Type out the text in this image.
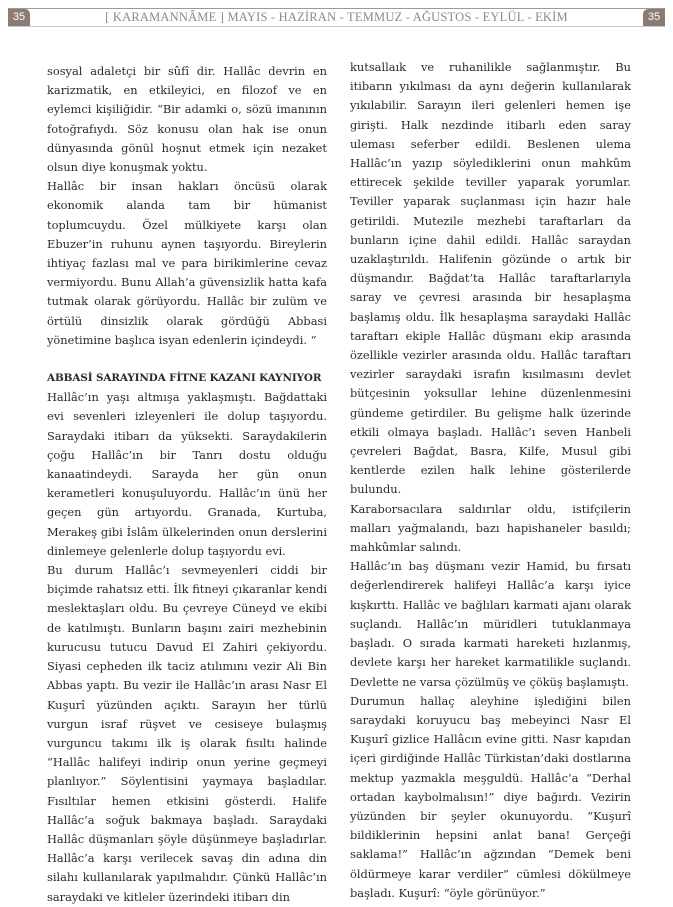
35	[ KARAMANNÂME ] MAYIS - HAZİRAN - TEMMUZ - AĞUSTOS - EYLÜL - EKİM	35

sosyal adaletçi bir sûfî dir. Hallâc devrin en karizmatik, en etkileyici, en filozof ve en eylemci kişiliğidir. “Bir adamki o, sözü imanının fotoğrafıydı. Söz konusu olan hak ise onun dünyasında gönül hoşnut etmek için nezaket olsun diye konuşmak yoktu.

Hallâc bir insan hakları öncüsü olarak ekonomik alanda tam bir hümanist toplumcuydu. Özel mülkiyete karşı olan Ebuzer’in ruhunu aynen taşıyordu. Bireylerin ihtiyaç fazlası mal ve para birikimlerine cevaz vermiyordu. Bunu Allah’a güvensizlik hatta kafa tutmak olarak görüyordu. Hallâc bir zulüm ve örtülü dinsizlik olarak gördüğü Abbasi yönetimine başlıca isyan edenlerin içindeydi. “

ABBASİ SARAYINDA FİTNE KAZANI KAYNIYOR

Hallâc’ın yaşı altmışa yaklaşmıştı. Bağdattaki evi sevenleri izleyenleri ile dolup taşıyordu. Saraydaki itibarı da yüksekti. Saraydakilerin çoğu Hallâc’ın bir Tanrı dostu olduğu kanaatindeydi. Sarayda her gün onun kerametleri konuşuluyordu. Hallâc’ın ünü her geçen gün artıyordu. Granada, Kurtuba, Merakeş gibi İslâm ülkelerinden onun derslerini dinlemeye gelenlerle dolup taşıyordu evi.

Bu durum Hallâc’ı sevmeyenleri ciddi bir biçimde rahatsız etti. İlk fitneyi çıkaranlar kendi meslektaşları oldu. Bu çevreye Cüneyd ve ekibi de katılmıştı. Bunların başını zairi mezhebinin kurucusu tutucu Davud El Zahiri çekiyordu. Siyasi cepheden ilk taciz atılımını vezir Ali Bin Abbas yaptı. Bu vezir ile Hallâc’ın arası Nasr El Kuşurî yüzünden açıktı. Sarayın her türlü vurgun israf rüşvet ve cesiseye bulaşmış vurguncu takımı ilk iş olarak fısıltı halinde “Hallâc halifeyi indirip onun yerine geçmeyi planlıyor.” Söylentisini yaymaya başladılar. Fısıltılar hemen etkisini gösterdi. Halife Hallâc’a soğuk bakmaya başladı. Saraydaki Hallâc düşmanları şöyle düşünmeye başladırlar. Hallâc’a karşı verilecek savaş din adına din silahı kullanılarak yapılmalıdır. Çünkü Hallâc’ın saraydaki ve kitleler üzerindeki itibarı din

kutsallaık ve ruhanilikle sağlanmıştır. Bu itibarın yıkılması da aynı değerin kullanılarak yıkılabilir. Sarayın ileri gelenleri hemen işe girişti. Halk nezdinde itibarlı eden saray uleması seferber edildi. Beslenen ulema Hallâc’ın yazıp söylediklerini onun mahkûm ettirecek şekilde teviller yaparak yorumlar. Teviller yaparak suçlanması için hazır hale getirildi. Mutezile mezhebi taraftarları da bunların içine dahil edildi. Hallâc saraydan uzaklaştırıldı. Halifenin gözünde o artık bir düşmandır. Bağdat’ta Hallâc taraftarlarıyla saray ve çevresi arasında bir hesaplaşma başlamış oldu. İlk hesaplaşma saraydaki Hallâc taraftarı ekiple Hallâc düşmanı ekip arasında özellikle vezirler arasında oldu. Hallâc taraftarı vezirler saraydaki israfın kısılmasını devlet bütçesinin yoksullar lehine düzenlenmesini gündeme getirdiler. Bu gelişme halk üzerinde etkili olmaya başladı. Hallâc’ı seven Hanbeli çevreleri Bağdat, Basra, Kilfe, Musul gibi kentlerde ezilen halk lehine gösterilerde bulundu.

Karaborsacılara saldırılar oldu, istifçilerin malları yağmalandı, bazı hapishaneler basıldı; mahkûmlar salındı.

Hallâc’ın baş düşmanı vezir Hamid, bu fırsatı değerlendirerek halifeyi Hallâc’a karşı iyice kışkırttı. Hallâc ve bağlıları karmati ajanı olarak suçlandı. Hallâc’ın müridleri tutuklanmaya başladı. O sırada karmati hareketi hızlanmış, devlete karşı her hareket karmatilikle suçlandı. Devlette ne varsa çözülmüş ve çöküş başlamıştı.

Durumun hallaç aleyhine işlediğini bilen saraydaki koruyucu baş mebeyinci Nasr El Kuşurî gizlice Hallâcın evine gitti. Nasr kapıdan içeri girdiğinde Hallâc Türkistan’daki dostlarına mektup yazmakla meşguldü. Hallâc’a “Derhal ortadan kaybolmalısın!” diye bağırdı. Vezirin yüzünden bir şeyler okunuyordu. “Kuşurî bildiklerinin hepsini anlat bana! Gerçeği saklama!” Hallâc’ın ağzından “Demek beni öldürmeye karar verdiler” cümlesi dökülmeye başladı. Kuşurî: “öyle görünüyor.”
